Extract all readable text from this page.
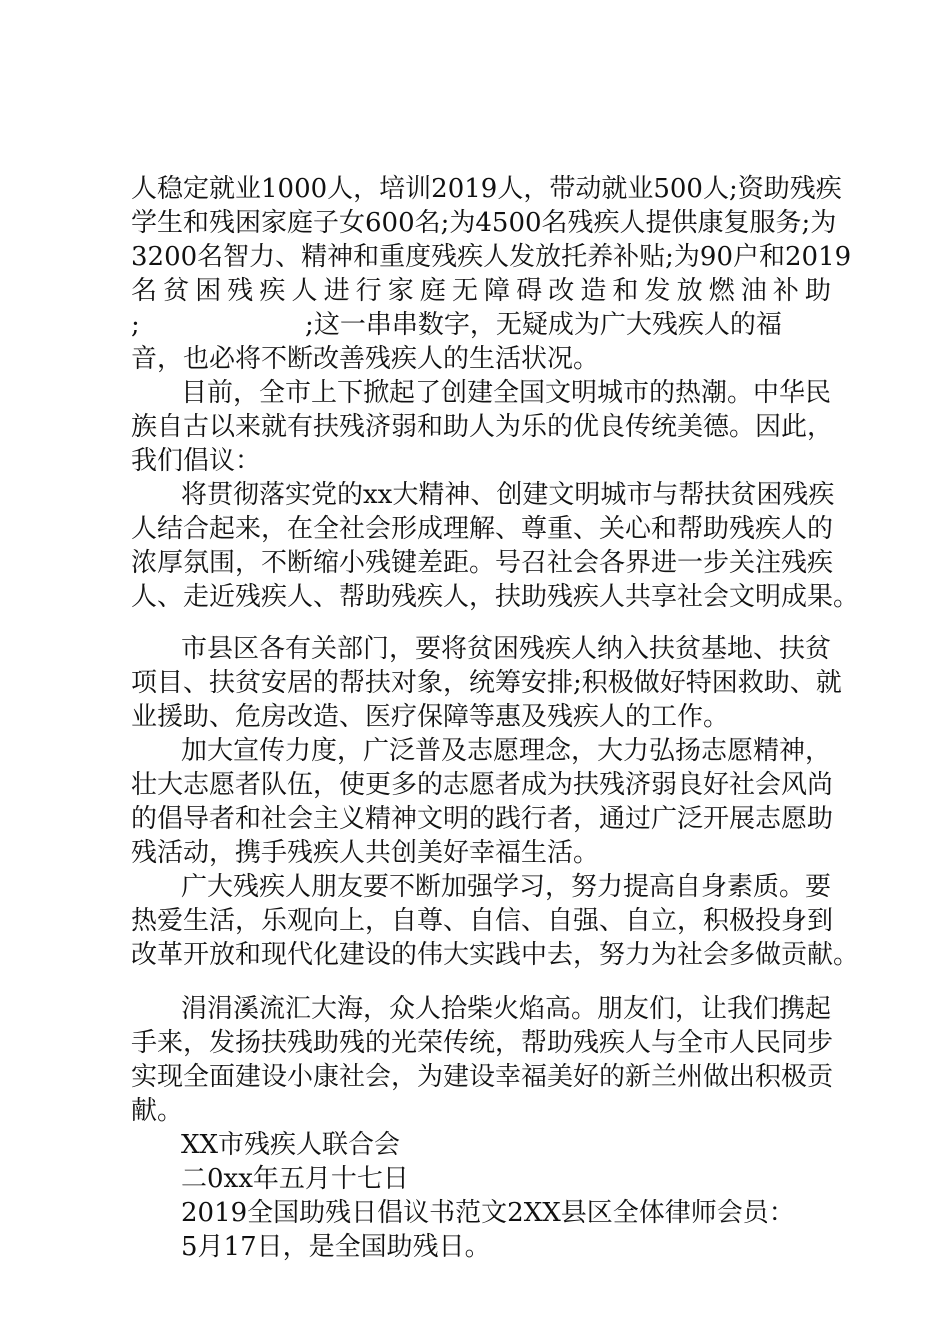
人稳定就业1000人，培训2019人，带动就业500人;资助残疾
学生和残困家庭子女600名;为4500名残疾人提供康复服务;为
3200名智力、精神和重度残疾人发放托养补贴;为90户和2019
名贫困残疾人进行家庭无障碍改造和发放燃油补助
;                    ;这一串串数字，无疑成为广大残疾人的福
音，也必将不断改善残疾人的生活状况。
目前，全市上下掀起了创建全国文明城市的热潮。中华民
族自古以来就有扶残济弱和助人为乐的优良传统美德。因此，
我们倡议：
将贯彻落实党的xx大精神、创建文明城市与帮扶贫困残疾
人结合起来，在全社会形成理解、尊重、关心和帮助残疾人的
浓厚氛围，不断缩小残键差距。号召社会各界进一步关注残疾
人、走近残疾人、帮助残疾人，扶助残疾人共享社会文明成果。
市县区各有关部门，要将贫困残疾人纳入扶贫基地、扶贫
项目、扶贫安居的帮扶对象，统筹安排;积极做好特困救助、就
业援助、危房改造、医疗保障等惠及残疾人的工作。
加大宣传力度，广泛普及志愿理念，大力弘扬志愿精神，
壮大志愿者队伍，使更多的志愿者成为扶残济弱良好社会风尚
的倡导者和社会主义精神文明的践行者，通过广泛开展志愿助
残活动，携手残疾人共创美好幸福生活。
广大残疾人朋友要不断加强学习，努力提高自身素质。要
热爱生活，乐观向上，自尊、自信、自强、自立，积极投身到
改革开放和现代化建设的伟大实践中去，努力为社会多做贡献。
涓涓溪流汇大海，众人拾柴火焰高。朋友们，让我们携起
手来，发扬扶残助残的光荣传统，帮助残疾人与全市人民同步
实现全面建设小康社会，为建设幸福美好的新兰州做出积极贡
献。
XX市残疾人联合会
二0xx年五月十七日
2019全国助残日倡议书范文2XX县区全体律师会员：
5月17日，是全国助残日。
